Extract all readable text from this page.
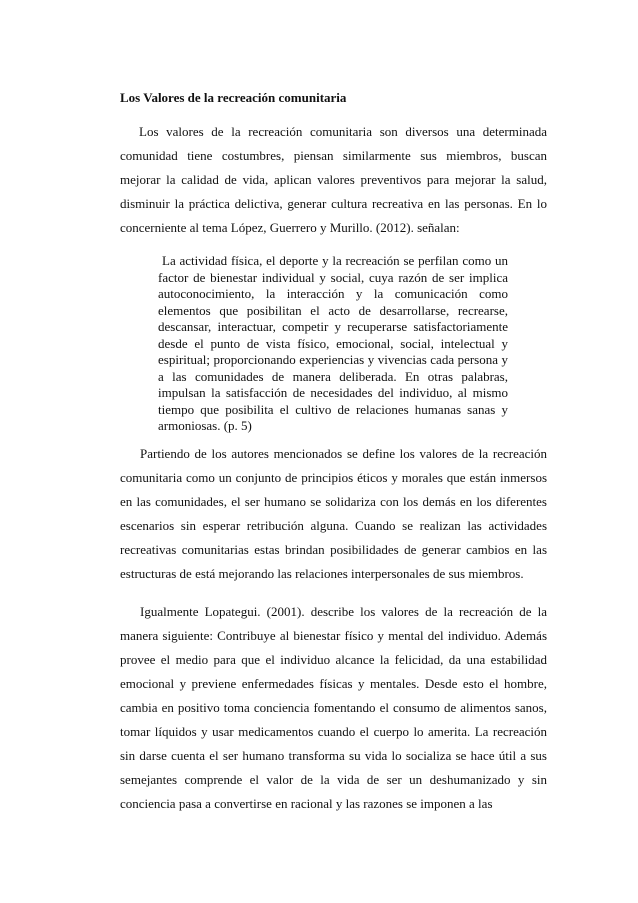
Los Valores de la recreación comunitaria

Los valores de la recreación comunitaria son diversos una determinada comunidad tiene costumbres, piensan similarmente sus miembros, buscan mejorar la calidad de vida, aplican valores preventivos para mejorar la salud, disminuir la práctica delictiva, generar cultura recreativa en las personas. En lo concerniente al tema López, Guerrero y Murillo. (2012). señalan:

La actividad física, el deporte y la recreación se perfilan como un factor de bienestar individual y social, cuya razón de ser implica autoconocimiento, la interacción y la comunicación como elementos que posibilitan el acto de desarrollarse, recrearse, descansar, interactuar, competir y recuperarse satisfactoriamente desde el punto de vista físico, emocional, social, intelectual y espiritual; proporcionando experiencias y vivencias cada persona y a las comunidades de manera deliberada. En otras palabras, impulsan la satisfacción de necesidades del individuo, al mismo tiempo que posibilita el cultivo de relaciones humanas sanas y armoniosas. (p. 5)

Partiendo de los autores mencionados se define los valores de la recreación comunitaria como un conjunto de principios éticos y morales que están inmersos en las comunidades, el ser humano se solidariza con los demás en los diferentes escenarios sin esperar retribución alguna. Cuando se realizan las actividades recreativas comunitarias estas brindan posibilidades de generar cambios en las estructuras de está mejorando las relaciones interpersonales de sus miembros.

Igualmente Lopategui. (2001). describe los valores de la recreación de la manera siguiente: Contribuye al bienestar físico y mental del individuo. Además provee el medio para que el individuo alcance la felicidad, da una estabilidad emocional y previene enfermedades físicas y mentales. Desde esto el hombre, cambia en positivo toma conciencia fomentando el consumo de alimentos sanos, tomar líquidos y usar medicamentos cuando el cuerpo lo amerita. La recreación sin darse cuenta el ser humano transforma su vida lo socializa se hace útil a sus semejantes comprende el valor de la vida de ser un deshumanizado y sin conciencia pasa a convertirse en racional y las razones se imponen a las
